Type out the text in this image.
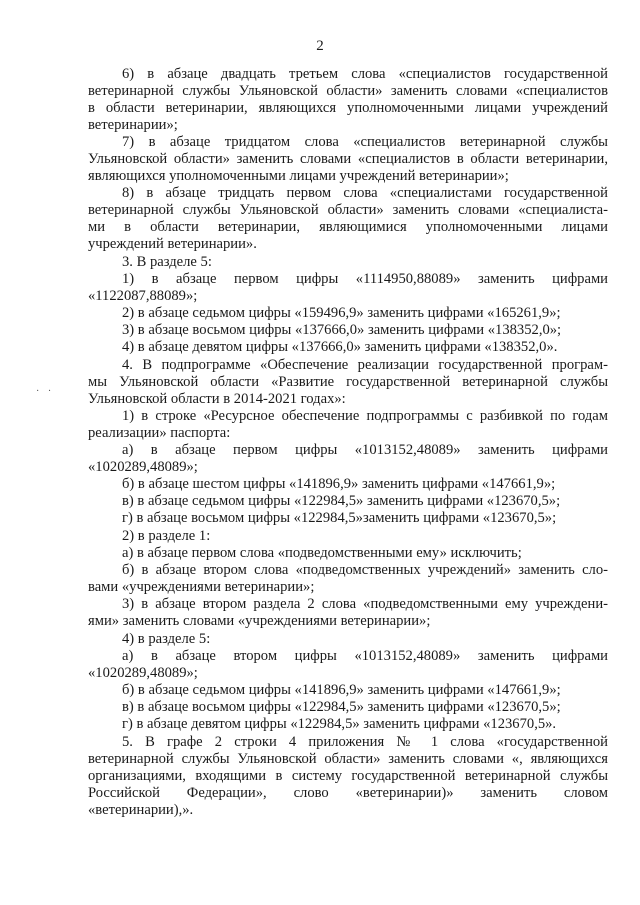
2
· ·
6) в абзаце двадцать третьем слова «специалистов государственной
ветеринарной службы Ульяновской области» заменить словами «специалистов
в области ветеринарии, являющихся уполномоченными лицами учреждений
ветеринарии»;
7) в абзаце тридцатом слова «специалистов ветеринарной службы
Ульяновской области» заменить словами «специалистов в области ветеринарии,
являющихся уполномоченными лицами учреждений ветеринарии»;
8) в абзаце тридцать первом слова «специалистами государственной
ветеринарной службы Ульяновской области» заменить словами «специалиста-
ми в области ветеринарии, являющимися уполномоченными лицами
учреждений ветеринарии».
3. В разделе 5:
1) в абзаце первом цифры «1114950,88089» заменить цифрами
«1122087,88089»;
2) в абзаце седьмом цифры «159496,9» заменить цифрами «165261,9»;
3) в абзаце восьмом цифры «137666,0» заменить цифрами «138352,0»;
4) в абзаце девятом цифры «137666,0» заменить цифрами «138352,0».
4. В подпрограмме «Обеспечение реализации государственной програм-
мы Ульяновской области «Развитие государственной ветеринарной службы
Ульяновской области в 2014-2021 годах»:
1) в строке «Ресурсное обеспечение подпрограммы с разбивкой по годам
реализации» паспорта:
а) в абзаце первом цифры «1013152,48089» заменить цифрами
«1020289,48089»;
б) в абзаце шестом цифры «141896,9» заменить цифрами «147661,9»;
в) в абзаце седьмом цифры «122984,5» заменить цифрами «123670,5»;
г) в абзаце восьмом цифры «122984,5»заменить цифрами «123670,5»;
2) в разделе 1:
а) в абзаце первом слова «подведомственными ему» исключить;
б) в абзаце втором слова «подведомственных учреждений» заменить сло-
вами «учреждениями ветеринарии»;
3) в абзаце втором раздела 2 слова «подведомственными ему учреждени-
ями» заменить словами «учреждениями ветеринарии»;
4) в разделе 5:
а) в абзаце втором цифры «1013152,48089» заменить цифрами
«1020289,48089»;
б) в абзаце седьмом цифры «141896,9» заменить цифрами «147661,9»;
в) в абзаце восьмом цифры «122984,5» заменить цифрами «123670,5»;
г) в абзаце девятом цифры «122984,5» заменить цифрами «123670,5».
5. В графе 2 строки 4 приложения № 1 слова «государственной
ветеринарной службы Ульяновской области» заменить словами «, являющихся
организациями, входящими в систему государственной ветеринарной службы
Российской Федерации», слово «ветеринарии)» заменить словом
«ветеринарии),».
